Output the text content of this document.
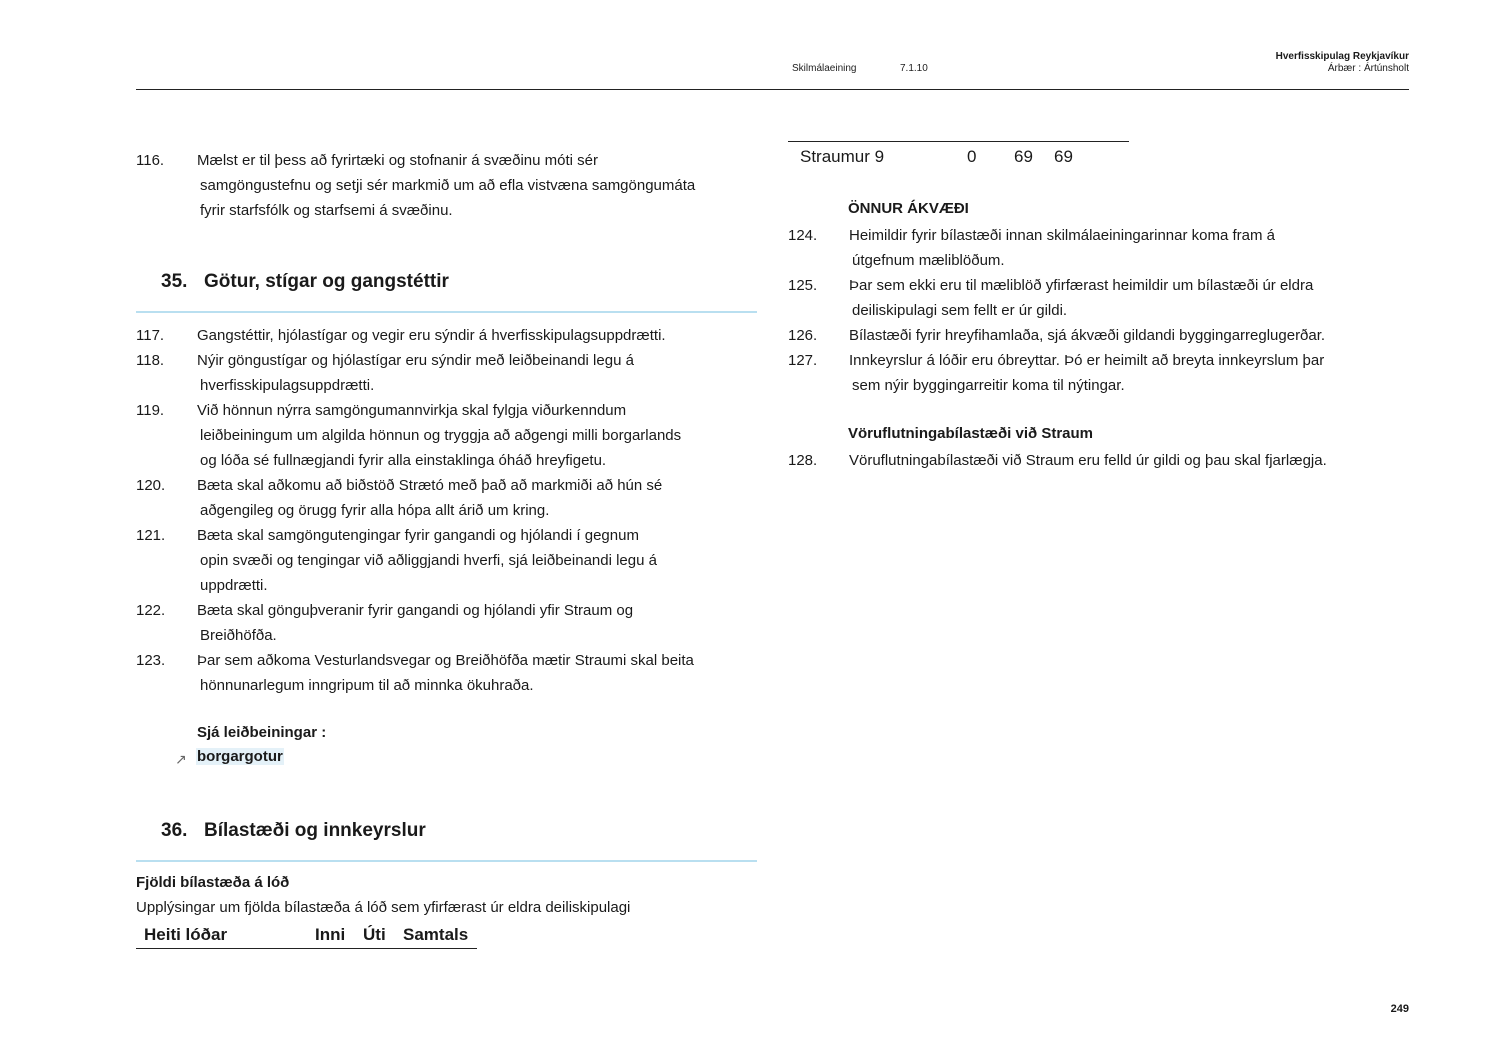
Skilmálaeining	7.1.10
Hverfisskipulag Reykjavíkur
Árbær : Ártúnsholt
116. Mælst er til þess að fyrirtæki og stofnanir á svæðinu móti sér
samgöngustefnu og setji sér markmið um að efla vistvæna samgöngumáta
fyrir starfsfólk og starfsemi á svæðinu.
35. Götur, stígar og gangstéttir
117. Gangstéttir, hjólastígar og vegir eru sýndir á hverfisskipulagsuppdrætti.
118. Nýir göngustígar og hjólastígar eru sýndir með leiðbeinandi legu á
hverfisskipulagsuppdrætti.
119. Við hönnun nýrra samgöngumannvirkja skal fylgja viðurkenndum
leiðbeiningum um algilda hönnun og tryggja að aðgengi milli borgarlands
og lóða sé fullnægjandi fyrir alla einstaklinga óháð hreyfigetu.
120. Bæta skal aðkomu að biðstöð Strætó með það að markmiði að hún sé
aðgengileg og örugg fyrir alla hópa allt árið um kring.
121. Bæta skal samgöngutengingar fyrir gangandi og hjólandi í gegnum
opin svæði og tengingar við aðliggjandi hverfi, sjá leiðbeinandi legu á
uppdrætti.
122. Bæta skal gönguþveranir fyrir gangandi og hjólandi yfir Straum og
Breiðhöfða.
123. Þar sem aðkoma Vesturlandsvegar og Breiðhöfða mætir Straumi skal beita
hönnunarlegum inngripum til að minnka ökuhraða.
Sjá leiðbeiningar :
↗ borgargotur
36. Bílastæði og innkeyrslur
Fjöldi bílastæða á lóð
Upplýsingar um fjölda bílastæða á lóð sem yfirfærast úr eldra deiliskipulagi
Heiti lóðar	Inni Úti Samtals
Straumur 9	0 69 69
ÖNNUR ÁKVÆÐI
124. Heimildir fyrir bílastæði innan skilmálaeiningarinnar koma fram á
útgefnum mæliblöðum.
125. Þar sem ekki eru til mæliblöð yfirfærast heimildir um bílastæði úr eldra
deiliskipulagi sem fellt er úr gildi.
126. Bílastæði fyrir hreyfihamlaða, sjá ákvæði gildandi byggingarreglugerðar.
127. Innkeyrslur á lóðir eru óbreyttar. Þó er heimilt að breyta innkeyrslum þar
sem nýir byggingarreitir koma til nýtingar.
Vöruflutningabílastæði við Straum
128. Vöruflutningabílastæði við Straum eru felld úr gildi og þau skal fjarlægja.
249
